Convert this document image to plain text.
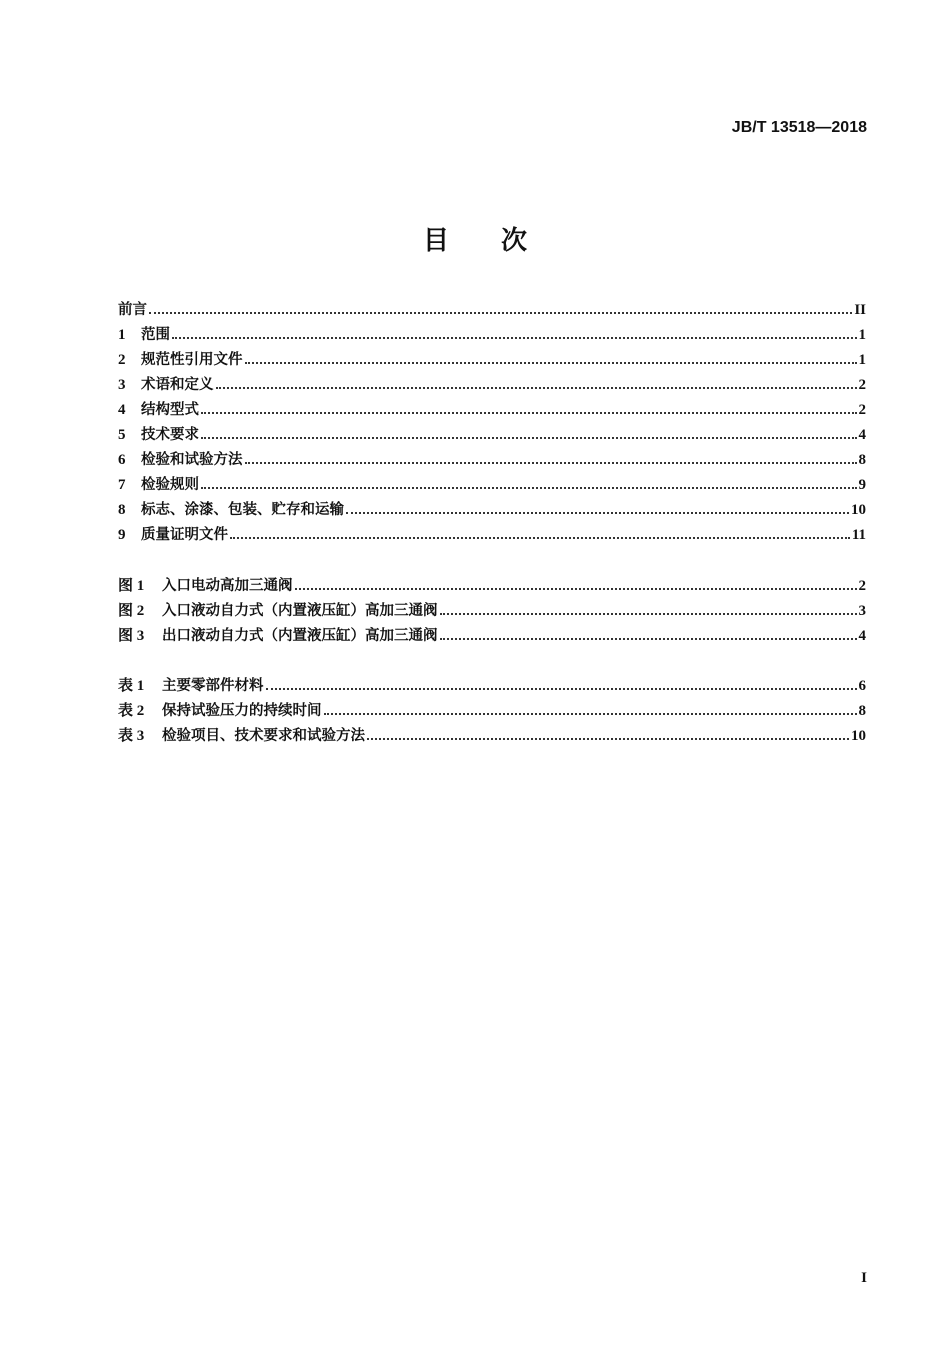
JB/T 13518—2018
目次
前言	II
1	范围	1
2	规范性引用文件	1
3	术语和定义	2
4	结构型式	2
5	技术要求	4
6	检验和试验方法	8
7	检验规则	9
8	标志、涂漆、包装、贮存和运输	10
9	质量证明文件	11
图 1	入口电动高加三通阀	2
图 2	入口液动自力式（内置液压缸）高加三通阀	3
图 3	出口液动自力式（内置液压缸）高加三通阀	4
表 1	主要零部件材料	6
表 2	保持试验压力的持续时间	8
表 3	检验项目、技术要求和试验方法	10
I
